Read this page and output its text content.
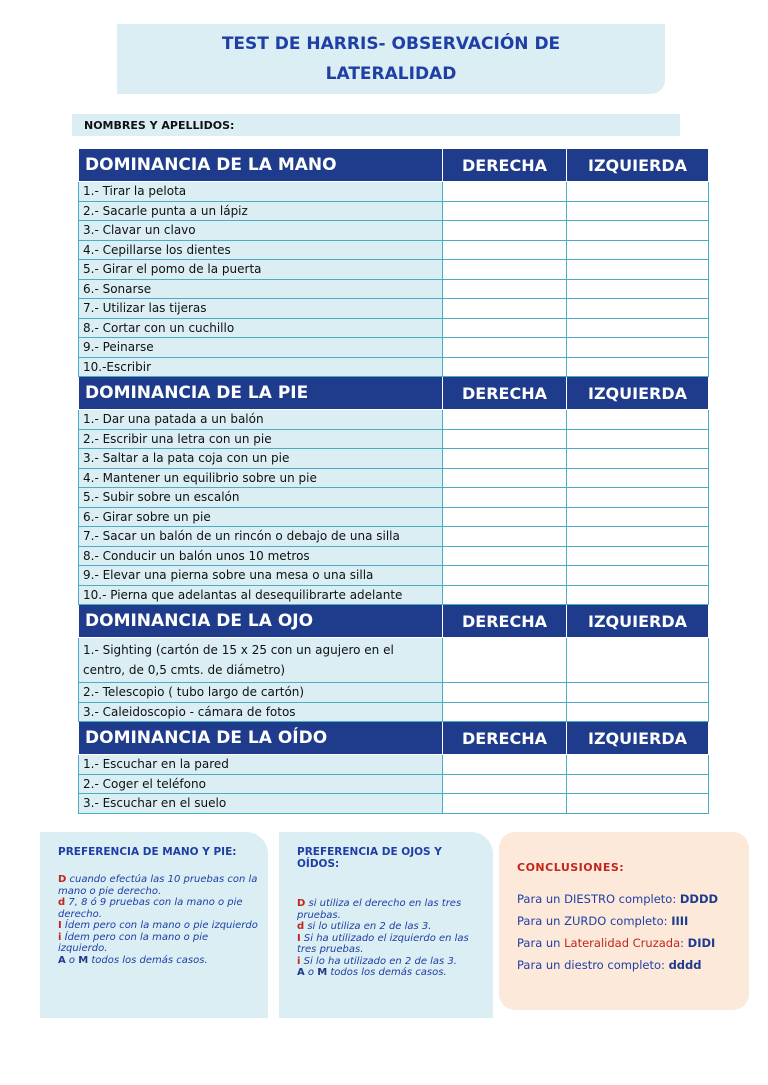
TEST DE HARRIS- OBSERVACIÓN DE LATERALIDAD
NOMBRES Y APELLIDOS:
DOMINANCIA DE LA MANO	DERECHA	IZQUIERDA
1.- Tirar la pelota		
2.- Sacarle punta a un lápiz		
3.- Clavar un clavo		
4.- Cepillarse los dientes		
5.- Girar el pomo de la puerta		
6.- Sonarse		
7.- Utilizar las tijeras		
8.- Cortar con un cuchillo		
9.- Peinarse		
10.-Escribir		
DOMINANCIA DE LA PIE	DERECHA	IZQUIERDA
1.- Dar una patada a un balón		
2.- Escribir una letra con un pie		
3.- Saltar a la pata coja con un pie		
4.- Mantener un equilibrio sobre un pie		
5.- Subir sobre un escalón		
6.- Girar sobre un pie		
7.- Sacar un balón de un rincón o debajo de una silla		
8.- Conducir un balón unos 10 metros		
9.- Elevar una pierna sobre una mesa o una silla		
10.- Pierna que adelantas al desequilibrarte adelante		
DOMINANCIA DE LA OJO	DERECHA	IZQUIERDA
1.- Sighting (cartón de 15 x 25 con un agujero en el centro, de 0,5 cmts. de diámetro)		
2.- Telescopio ( tubo largo de cartón)		
3.- Caleidoscopio - cámara de fotos		
DOMINANCIA DE LA OÍDO	DERECHA	IZQUIERDA
1.- Escuchar en la pared		
2.- Coger el teléfono		
3.- Escuchar en el suelo		
PREFERENCIA DE MANO Y PIE:
D cuando efectúa las 10 pruebas con la mano o pie derecho.
d 7, 8 ó 9 pruebas con la mano o pie derecho.
I Ídem pero con la mano o pie izquierdo
i Ídem pero con la mano o pie izquierdo.
A o M todos los demás casos.
PREFERENCIA DE OJOS Y OÍDOS:
D si utiliza el derecho en las tres pruebas.
d si lo utiliza en 2 de las 3.
I Si ha utilizado el izquierdo en las tres pruebas.
i Si lo ha utilizado en 2 de las 3.
A o M todos los demás casos.
CONCLUSIONES:
Para un DIESTRO completo: DDDD
Para un ZURDO completo: IIII
Para un Lateralidad Cruzada: DIDI
Para un diestro completo: dddd
